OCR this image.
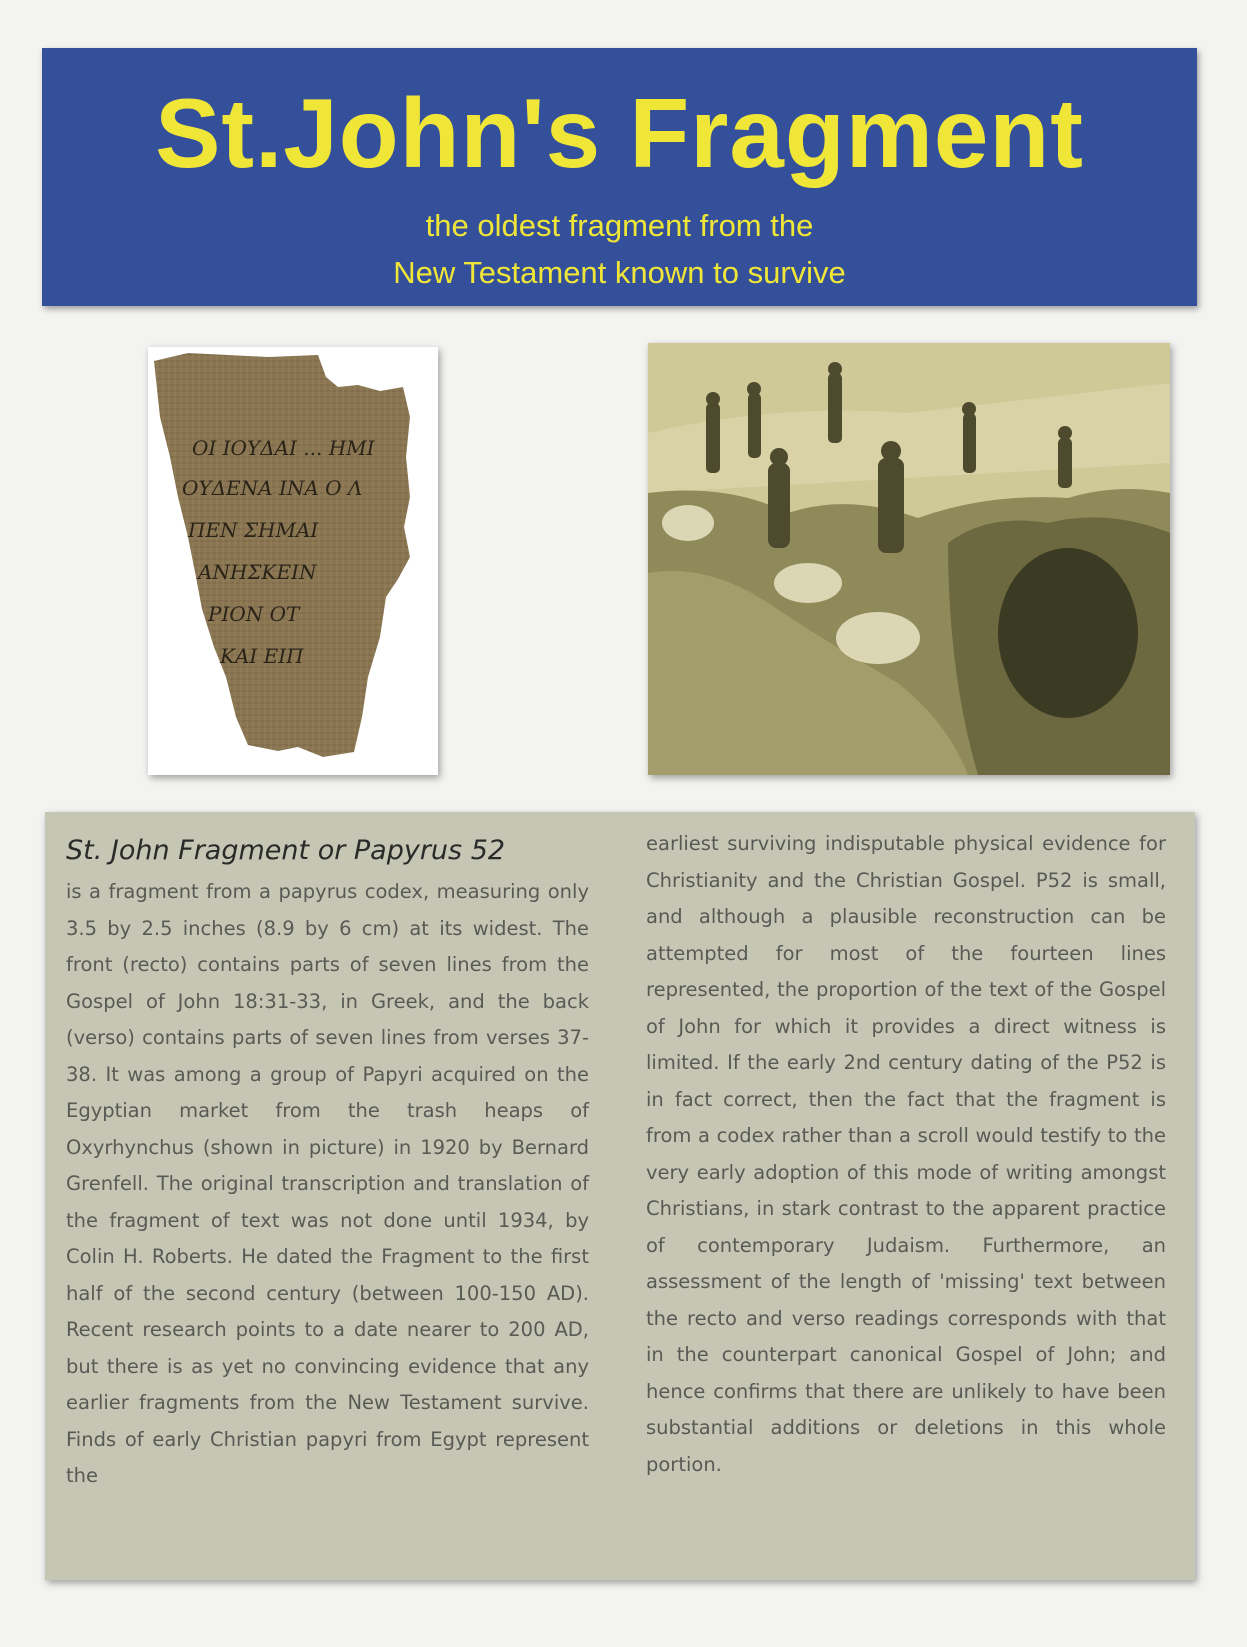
St.John's Fragment
the oldest fragment from the
New Testament known to survive
ΟΙ ΙΟΥΔΑΙ ... ΗΜΙ
ΟΥΔΕΝΑ ΙΝΑ Ο Λ
ΠΕΝ ΣΗΜΑΙ
ΑΝΗΣΚΕΙΝ
ΡΙΟΝ ΟΤ
ΚΑΙ ΕΙΠ
St. John Fragment or Papyrus 52

is a fragment from a papyrus codex, measuring only 3.5 by 2.5 inches (8.9 by 6 cm) at its widest. The front (recto) contains parts of seven lines from the Gospel of John 18:31-33, in Greek, and the back (verso) contains parts of seven lines from verses 37-38. It was among a group of Papyri acquired on the Egyptian market from the trash heaps of Oxyrhynchus (shown in picture) in 1920 by Bernard Grenfell. The original transcription and translation of the fragment of text was not done until 1934, by Colin H. Roberts. He dated the Fragment to the first half of the second century (between 100-150 AD). Recent research points to a date nearer to 200 AD, but there is as yet no convincing evidence that any earlier fragments from the New Testament survive. Finds of early Christian papyri from Egypt represent the

earliest surviving indisputable physical evidence for Christianity and the Christian Gospel. P52 is small, and although a plausible reconstruction can be attempted for most of the fourteen lines represented, the proportion of the text of the Gospel of John for which it provides a direct witness is limited. If the early 2nd century dating of the P52 is in fact correct, then the fact that the fragment is from a codex rather than a scroll would testify to the very early adoption of this mode of writing amongst Christians, in stark contrast to the apparent practice of contemporary Judaism. Furthermore, an assessment of the length of 'missing' text between the recto and verso readings corresponds with that in the counterpart canonical Gospel of John; and hence confirms that there are unlikely to have been substantial additions or deletions in this whole portion.
